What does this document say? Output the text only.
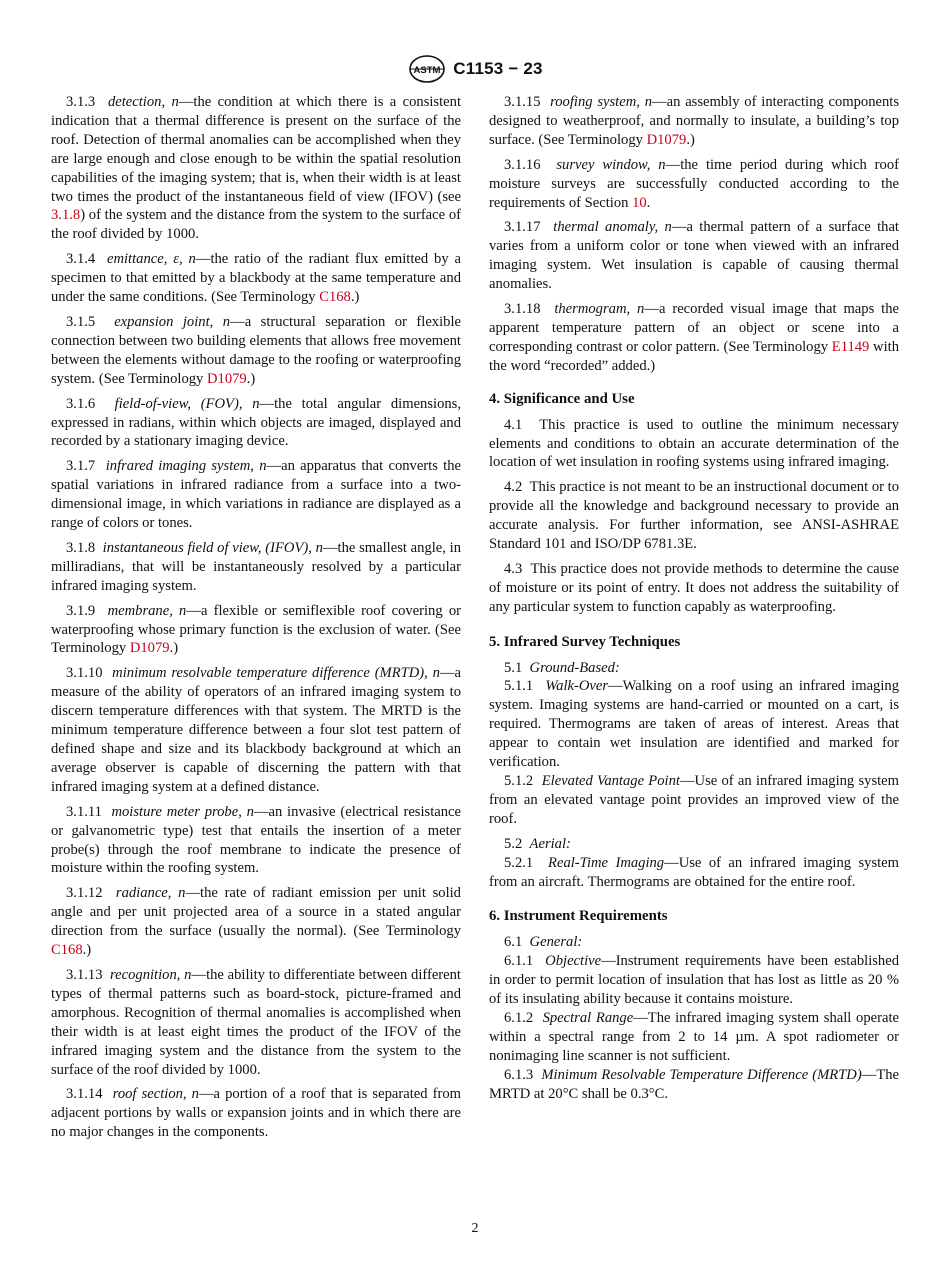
ASTM C1153 − 23

3.1.3 detection, n—the condition at which there is a consistent indication that a thermal difference is present on the surface of the roof. Detection of thermal anomalies can be accomplished when they are large enough and close enough to be within the spatial resolution capabilities of the imaging system; that is, when their width is at least two times the product of the instantaneous field of view (IFOV) (see 3.1.8) of the system and the distance from the system to the surface of the roof divided by 1000.

3.1.4 emittance, ε, n—the ratio of the radiant flux emitted by a specimen to that emitted by a blackbody at the same temperature and under the same conditions. (See Terminology C168.)

3.1.5 expansion joint, n—a structural separation or flexible connection between two building elements that allows free movement between the elements without damage to the roofing or waterproofing system. (See Terminology D1079.)

3.1.6 field-of-view, (FOV), n—the total angular dimensions, expressed in radians, within which objects are imaged, displayed and recorded by a stationary imaging device.

3.1.7 infrared imaging system, n—an apparatus that converts the spatial variations in infrared radiance from a surface into a two-dimensional image, in which variations in radiance are displayed as a range of colors or tones.

3.1.8 instantaneous field of view, (IFOV), n—the smallest angle, in milliradians, that will be instantaneously resolved by a particular infrared imaging system.

3.1.9 membrane, n—a flexible or semiflexible roof covering or waterproofing whose primary function is the exclusion of water. (See Terminology D1079.)

3.1.10 minimum resolvable temperature difference (MRTD), n—a measure of the ability of operators of an infrared imaging system to discern temperature differences with that system. The MRTD is the minimum temperature difference between a four slot test pattern of defined shape and size and its blackbody background at which an average observer is capable of discerning the pattern with that infrared imaging system at a defined distance.

3.1.11 moisture meter probe, n—an invasive (electrical resistance or galvanometric type) test that entails the insertion of a meter probe(s) through the roof membrane to indicate the presence of moisture within the roofing system.

3.1.12 radiance, n—the rate of radiant emission per unit solid angle and per unit projected area of a source in a stated angular direction from the surface (usually the normal). (See Terminology C168.)

3.1.13 recognition, n—the ability to differentiate between different types of thermal patterns such as board-stock, picture-framed and amorphous. Recognition of thermal anomalies is accomplished when their width is at least eight times the product of the IFOV of the infrared imaging system and the distance from the system to the surface of the roof divided by 1000.

3.1.14 roof section, n—a portion of a roof that is separated from adjacent portions by walls or expansion joints and in which there are no major changes in the components.

3.1.15 roofing system, n—an assembly of interacting components designed to weatherproof, and normally to insulate, a building’s top surface. (See Terminology D1079.)

3.1.16 survey window, n—the time period during which roof moisture surveys are successfully conducted according to the requirements of Section 10.

3.1.17 thermal anomaly, n—a thermal pattern of a surface that varies from a uniform color or tone when viewed with an infrared imaging system. Wet insulation is capable of causing thermal anomalies.

3.1.18 thermogram, n—a recorded visual image that maps the apparent temperature pattern of an object or scene into a corresponding contrast or color pattern. (See Terminology E1149 with the word “recorded” added.)

4. Significance and Use

4.1 This practice is used to outline the minimum necessary elements and conditions to obtain an accurate determination of the location of wet insulation in roofing systems using infrared imaging.

4.2 This practice is not meant to be an instructional document or to provide all the knowledge and background necessary to provide an accurate analysis. For further information, see ANSI-ASHRAE Standard 101 and ISO/DP 6781.3E.

4.3 This practice does not provide methods to determine the cause of moisture or its point of entry. It does not address the suitability of any particular system to function capably as waterproofing.

5. Infrared Survey Techniques

5.1 Ground-Based:

5.1.1 Walk-Over—Walking on a roof using an infrared imaging system. Imaging systems are hand-carried or mounted on a cart, is required. Thermograms are taken of areas of interest. Areas that appear to contain wet insulation are identified and marked for verification.

5.1.2 Elevated Vantage Point—Use of an infrared imaging system from an elevated vantage point provides an improved view of the roof.

5.2 Aerial:

5.2.1 Real-Time Imaging—Use of an infrared imaging system from an aircraft. Thermograms are obtained for the entire roof.

6. Instrument Requirements

6.1 General:

6.1.1 Objective—Instrument requirements have been established in order to permit location of insulation that has lost as little as 20 % of its insulating ability because it contains moisture.

6.1.2 Spectral Range—The infrared imaging system shall operate within a spectral range from 2 to 14 µm. A spot radiometer or nonimaging line scanner is not sufficient.

6.1.3 Minimum Resolvable Temperature Difference (MRTD)—The MRTD at 20°C shall be 0.3°C.

2
